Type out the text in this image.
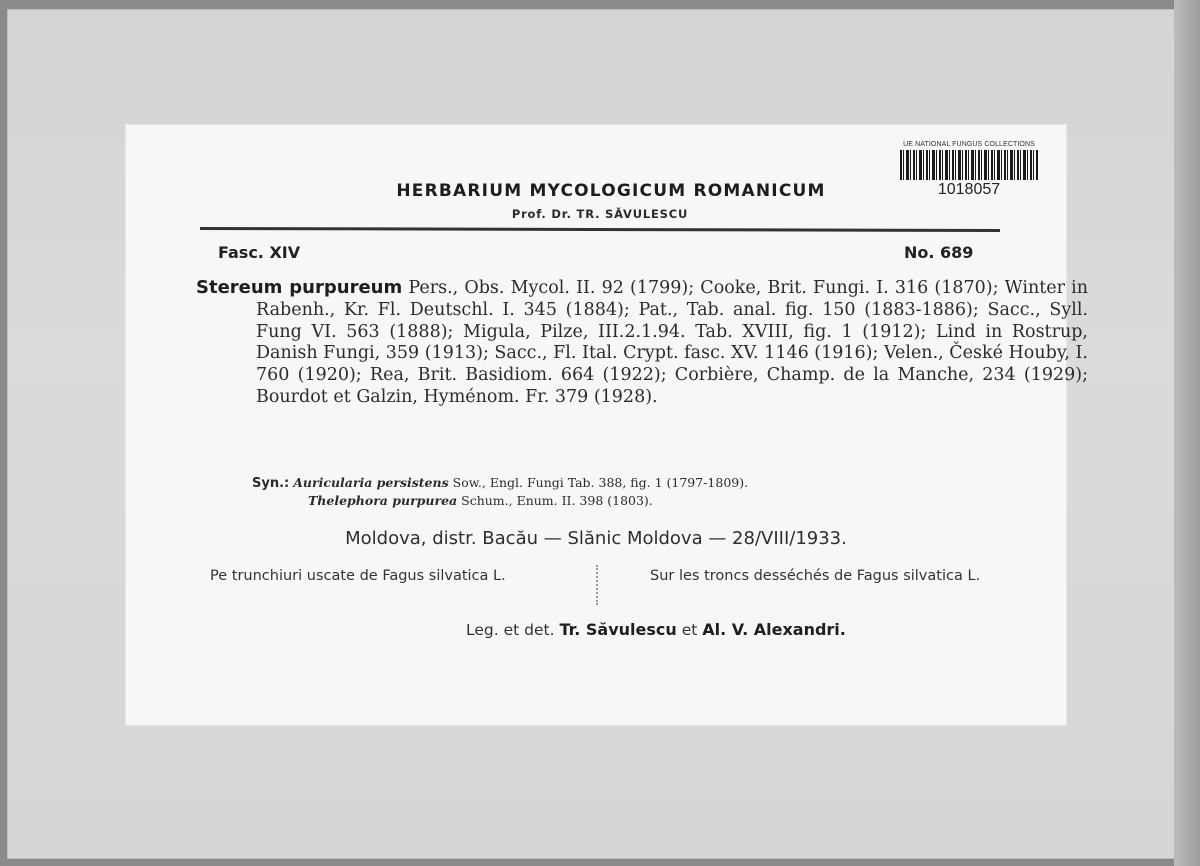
UE NATIONAL FUNGUS COLLECTIONS
1018057
HERBARIUM MYCOLOGICUM ROMANICUM
Prof. Dr. TR. SĂVULESCU
Fasc. XIV	No. 689
Stereum purpureum Pers., Obs. Mycol. II. 92 (1799); Cooke, Brit. Fungi. I. 316 (1870); Winter in Rabenh., Kr. Fl. Deutschl. I. 345 (1884); Pat., Tab. anal. fig. 150 (1883-1886); Sacc., Syll. Fung VI. 563 (1888); Migula, Pilze, III.2.1.94. Tab. XVIII, fig. 1 (1912); Lind in Rostrup, Danish Fungi, 359 (1913); Sacc., Fl. Ital. Crypt. fasc. XV. 1146 (1916); Velen., České Houby, I. 760 (1920); Rea, Brit. Basidiom. 664 (1922); Corbière, Champ. de la Manche, 234 (1929); Bourdot et Galzin, Hyménom. Fr. 379 (1928).
Syn.: Auricularia persistens Sow., Engl. Fungi Tab. 388, fig. 1 (1797-1809).
Thelephora purpurea Schum., Enum. II. 398 (1803).
Moldova, distr. Bacău — Slănic Moldova — 28/VIII/1933.
Pe trunchiuri uscate de Fagus silvatica L.	Sur les troncs desséchés de Fagus silvatica L.
Leg. et det. Tr. Săvulescu et Al. V. Alexandri.
